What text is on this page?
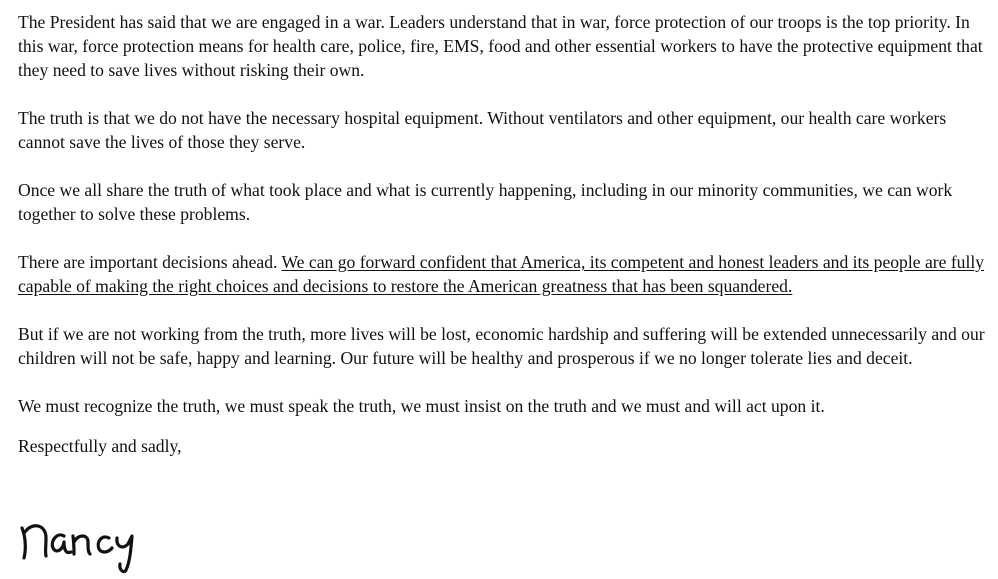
The President has said that we are engaged in a war. Leaders understand that in war, force protection of our troops is the top priority. In this war, force protection means for health care, police, fire, EMS, food and other essential workers to have the protective equipment that they need to save lives without risking their own.

The truth is that we do not have the necessary hospital equipment. Without ventilators and other equipment, our health care workers cannot save the lives of those they serve.

Once we all share the truth of what took place and what is currently happening, including in our minority communities, we can work together to solve these problems.

There are important decisions ahead. We can go forward confident that America, its competent and honest leaders and its people are fully capable of making the right choices and decisions to restore the American greatness that has been squandered.

But if we are not working from the truth, more lives will be lost, economic hardship and suffering will be extended unnecessarily and our children will not be safe, happy and learning. Our future will be healthy and prosperous if we no longer tolerate lies and deceit.

We must recognize the truth, we must speak the truth, we must insist on the truth and we must and will act upon it.

Respectfully and sadly,
